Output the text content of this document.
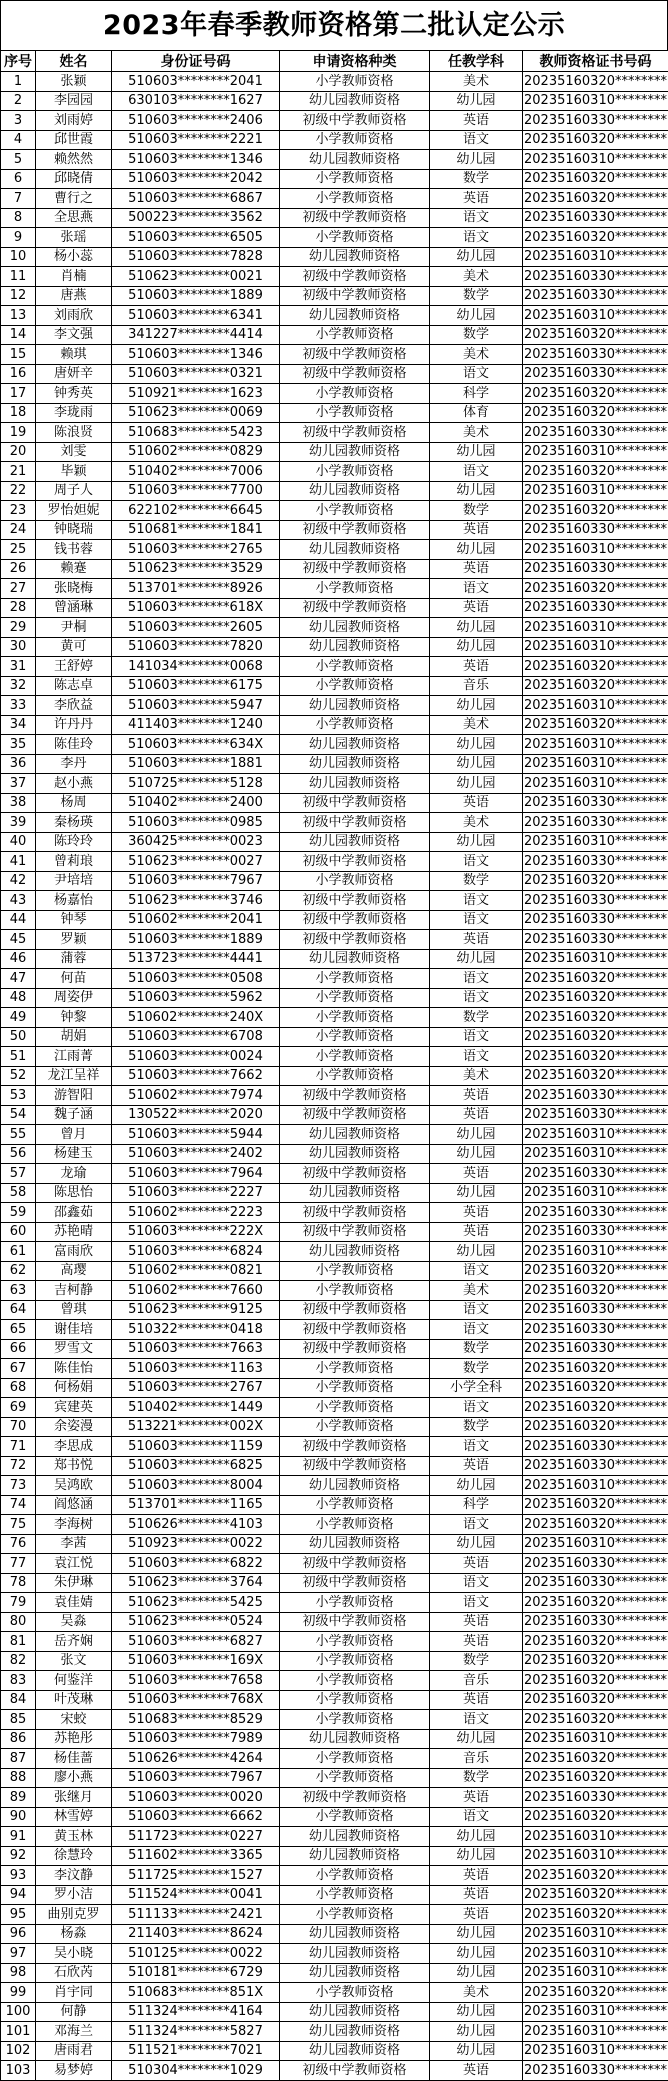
2023年春季教师资格第二批认定公示
序号	姓名	身份证号码	申请资格种类	任教学科	教师资格证书号码
1	张颖	510603********2041	小学教师资格	美术	20235160320********
2	李园园	630103********1627	幼儿园教师资格	幼儿园	20235160310********
3	刘雨婷	510603********2406	初级中学教师资格	英语	20235160330********
4	邱世霞	510603********2221	小学教师资格	语文	20235160320********
5	赖然然	510603********1346	幼儿园教师资格	幼儿园	20235160310********
6	邱晓倩	510603********2042	小学教师资格	数学	20235160320********
7	曹行之	510603********6867	小学教师资格	英语	20235160320********
8	全思燕	500223********3562	初级中学教师资格	语文	20235160330********
9	张瑶	510603********6505	小学教师资格	语文	20235160320********
10	杨小蕊	510603********7828	幼儿园教师资格	幼儿园	20235160310********
11	肖楠	510623********0021	初级中学教师资格	美术	20235160330********
12	唐燕	510603********1889	初级中学教师资格	数学	20235160330********
13	刘雨欣	510603********6341	幼儿园教师资格	幼儿园	20235160310********
14	李文强	341227********4414	小学教师资格	数学	20235160320********
15	赖琪	510603********1346	初级中学教师资格	美术	20235160330********
16	唐妍辛	510603********0321	初级中学教师资格	语文	20235160330********
17	钟秀英	510921********1623	小学教师资格	科学	20235160320********
18	李珑雨	510623********0069	小学教师资格	体育	20235160320********
19	陈浪贤	510683********5423	初级中学教师资格	美术	20235160330********
20	刘雯	510602********0829	幼儿园教师资格	幼儿园	20235160310********
21	毕颖	510402********7006	小学教师资格	语文	20235160320********
22	周子人	510603********7700	幼儿园教师资格	幼儿园	20235160310********
23	罗怡妲妮	622102********6645	小学教师资格	数学	20235160320********
24	钟晓瑞	510681********1841	初级中学教师资格	英语	20235160330********
25	钱书蓉	510603********2765	幼儿园教师资格	幼儿园	20235160310********
26	赖蹇	510623********3529	初级中学教师资格	英语	20235160330********
27	张晓梅	513701********8926	小学教师资格	语文	20235160320********
28	曾涵琳	510603********618X	初级中学教师资格	英语	20235160330********
29	尹桐	510603********2605	幼儿园教师资格	幼儿园	20235160310********
30	黄可	510603********7820	幼儿园教师资格	幼儿园	20235160310********
31	王舒婷	141034********0068	小学教师资格	英语	20235160320********
32	陈志卓	510603********6175	小学教师资格	音乐	20235160320********
33	李欣益	510603********5947	幼儿园教师资格	幼儿园	20235160310********
34	许丹丹	411403********1240	小学教师资格	美术	20235160320********
35	陈佳玲	510603********634X	幼儿园教师资格	幼儿园	20235160310********
36	李丹	510603********1881	幼儿园教师资格	幼儿园	20235160310********
37	赵小燕	510725********5128	幼儿园教师资格	幼儿园	20235160310********
38	杨周	510402********2400	初级中学教师资格	英语	20235160330********
39	秦杨瑛	510603********0985	初级中学教师资格	美术	20235160330********
40	陈玲玲	360425********0023	幼儿园教师资格	幼儿园	20235160310********
41	曾莉琅	510623********0027	初级中学教师资格	语文	20235160330********
42	尹培培	510603********7967	小学教师资格	数学	20235160320********
43	杨嘉怡	510623********3746	初级中学教师资格	语文	20235160330********
44	钟琴	510602********2041	初级中学教师资格	语文	20235160330********
45	罗颖	510603********1889	初级中学教师资格	英语	20235160330********
46	蒲蓉	513723********4441	幼儿园教师资格	幼儿园	20235160310********
47	何苗	510603********0508	小学教师资格	语文	20235160320********
48	周姿伊	510603********5962	小学教师资格	语文	20235160320********
49	钟黎	510602********240X	小学教师资格	数学	20235160320********
50	胡娟	510603********6708	小学教师资格	语文	20235160320********
51	江雨菁	510603********0024	小学教师资格	语文	20235160320********
52	龙江呈祥	510603********7662	小学教师资格	美术	20235160320********
53	游智阳	510602********7974	初级中学教师资格	英语	20235160330********
54	魏子涵	130522********2020	初级中学教师资格	英语	20235160330********
55	曾月	510603********5944	幼儿园教师资格	幼儿园	20235160310********
56	杨建玉	510603********2402	幼儿园教师资格	幼儿园	20235160310********
57	龙瑜	510603********7964	初级中学教师资格	英语	20235160330********
58	陈思怡	510603********2227	幼儿园教师资格	幼儿园	20235160310********
59	邵鑫茹	510602********2223	初级中学教师资格	英语	20235160330********
60	苏艳晴	510603********222X	初级中学教师资格	英语	20235160330********
61	富雨欣	510603********6824	幼儿园教师资格	幼儿园	20235160310********
62	高璎	510602********0821	小学教师资格	语文	20235160320********
63	吉柯静	510602********7660	小学教师资格	美术	20235160320********
64	曾琪	510623********9125	初级中学教师资格	语文	20235160330********
65	谢佳培	510322********0418	初级中学教师资格	语文	20235160330********
66	罗雪文	510603********7663	初级中学教师资格	数学	20235160330********
67	陈佳怡	510603********1163	小学教师资格	数学	20235160320********
68	何杨娟	510603********2767	小学教师资格	小学全科	20235160320********
69	宾建英	510402********1449	小学教师资格	语文	20235160320********
70	余姿漫	513221********002X	小学教师资格	数学	20235160320********
71	李思成	510603********1159	初级中学教师资格	语文	20235160330********
72	郑书悦	510603********6825	初级中学教师资格	英语	20235160330********
73	吴鸿欧	510603********8004	幼儿园教师资格	幼儿园	20235160310********
74	阎悠涵	513701********1165	小学教师资格	科学	20235160320********
75	李海树	510626********4103	小学教师资格	语文	20235160320********
76	李茜	510923********0022	幼儿园教师资格	幼儿园	20235160310********
77	袁江悦	510603********6822	初级中学教师资格	英语	20235160330********
78	朱伊琳	510623********3764	初级中学教师资格	语文	20235160330********
79	袁佳婧	510623********5425	小学教师资格	语文	20235160320********
80	吴淼	510623********0524	初级中学教师资格	英语	20235160330********
81	岳齐娴	510603********6827	小学教师资格	英语	20235160320********
82	张文	510603********169X	小学教师资格	数学	20235160320********
83	何鉴洋	510603********7658	小学教师资格	音乐	20235160320********
84	叶茂琳	510603********768X	小学教师资格	英语	20235160320********
85	宋蛟	510683********8529	小学教师资格	语文	20235160320********
86	苏艳彤	510603********7989	幼儿园教师资格	幼儿园	20235160310********
87	杨佳蔷	510626********4264	小学教师资格	音乐	20235160320********
88	廖小燕	510603********7967	小学教师资格	数学	20235160320********
89	张继月	510603********0020	初级中学教师资格	英语	20235160330********
90	林雪婷	510603********6662	小学教师资格	语文	20235160320********
91	黄玉林	511723********0227	幼儿园教师资格	幼儿园	20235160310********
92	徐慧玲	511602********3365	幼儿园教师资格	幼儿园	20235160310********
93	李汶静	511725********1527	小学教师资格	英语	20235160320********
94	罗小洁	511524********0041	小学教师资格	英语	20235160320********
95	曲别克罗	511133********2421	小学教师资格	英语	20235160320********
96	杨淼	211403********8624	幼儿园教师资格	幼儿园	20235160310********
97	吴小晓	510125********0022	幼儿园教师资格	幼儿园	20235160310********
98	石欣芮	510181********6729	幼儿园教师资格	幼儿园	20235160310********
99	肖宇同	510683********851X	小学教师资格	美术	20235160320********
100	何静	511324********4164	幼儿园教师资格	幼儿园	20235160310********
101	邓海兰	511324********5827	幼儿园教师资格	幼儿园	20235160310********
102	唐雨君	511521********7021	幼儿园教师资格	幼儿园	20235160310********
103	易梦婷	510304********1029	初级中学教师资格	英语	20235160330********
